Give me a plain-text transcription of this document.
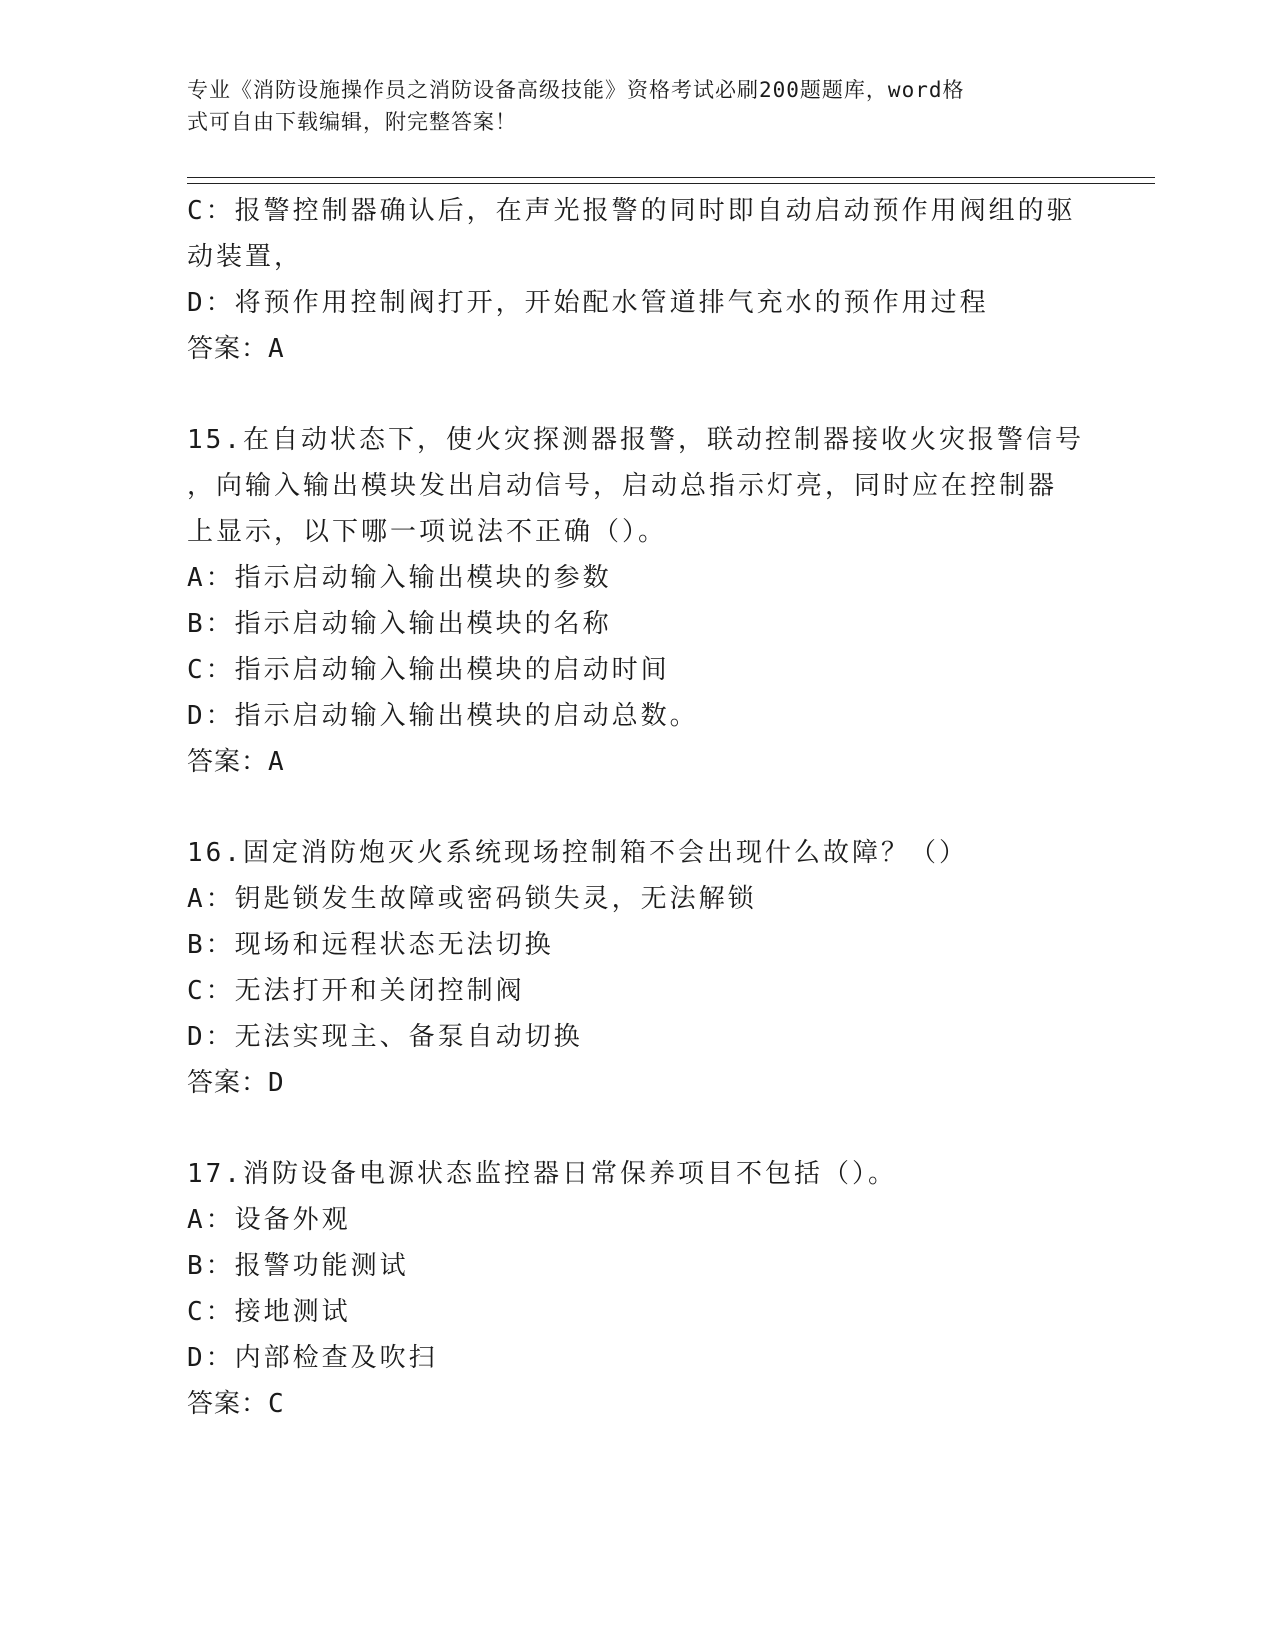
专业《消防设施操作员之消防设备高级技能》资格考试必刷200题题库，word格
式可自由下载编辑，附完整答案！
C：报警控制器确认后，在声光报警的同时即自动启动预作用阀组的驱
动装置，
D：将预作用控制阀打开，开始配水管道排气充水的预作用过程
答案：A
15.在自动状态下，使火灾探测器报警，联动控制器接收火灾报警信号
，向输入输出模块发出启动信号，启动总指示灯亮，同时应在控制器
上显示，以下哪一项说法不正确（）。
A：指示启动输入输出模块的参数
B：指示启动输入输出模块的名称
C：指示启动输入输出模块的启动时间
D：指示启动输入输出模块的启动总数。
答案：A
16.固定消防炮灭火系统现场控制箱不会出现什么故障？（）
A：钥匙锁发生故障或密码锁失灵，无法解锁
B：现场和远程状态无法切换
C：无法打开和关闭控制阀
D：无法实现主、备泵自动切换
答案：D
17.消防设备电源状态监控器日常保养项目不包括（）。
A：设备外观
B：报警功能测试
C：接地测试
D：内部检查及吹扫
答案：C
